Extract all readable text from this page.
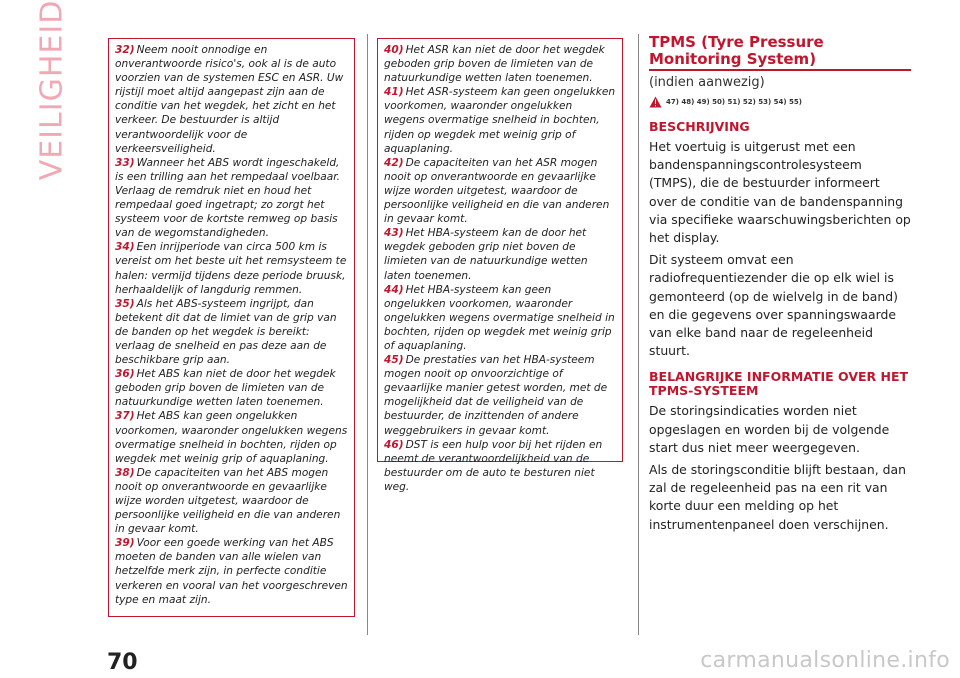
VEILIGHEID	32) Neem nooit onnodige en onverantwoorde risico's, ook al is de auto voorzien van de systemen ESC en ASR. Uw rijstijl moet altijd aangepast zijn aan de conditie van het wegdek, het zicht en het verkeer. De bestuurder is altijd verantwoordelijk voor de verkeersveiligheid.

33) Wanneer het ABS wordt ingeschakeld, is een trilling aan het rempedaal voelbaar. Verlaag de remdruk niet en houd het rempedaal goed ingetrapt; zo zorgt het systeem voor de kortste remweg op basis van de wegomstandigheden.

34) Een inrijperiode van circa 500 km is vereist om het beste uit het remsysteem te halen: vermijd tijdens deze periode bruusk, herhaaldelijk of langdurig remmen.

35) Als het ABS-systeem ingrijpt, dan betekent dit dat de limiet van de grip van de banden op het wegdek is bereikt: verlaag de snelheid en pas deze aan de beschikbare grip aan.

36) Het ABS kan niet de door het wegdek geboden grip boven de limieten van de natuurkundige wetten laten toenemen.

37) Het ABS kan geen ongelukken voorkomen, waaronder ongelukken wegens overmatige snelheid in bochten, rijden op wegdek met weinig grip of aquaplaning.

38) De capaciteiten van het ABS mogen nooit op onverantwoorde en gevaarlijke wijze worden uitgetest, waardoor de persoonlijke veiligheid en die van anderen in gevaar komt.

39) Voor een goede werking van het ABS moeten de banden van alle wielen van hetzelfde merk zijn, in perfecte conditie verkeren en vooral van het voorgeschreven type en maat zijn.

40) Het ASR kan niet de door het wegdek geboden grip boven de limieten van de natuurkundige wetten laten toenemen.

41) Het ASR-systeem kan geen ongelukken voorkomen, waaronder ongelukken wegens overmatige snelheid in bochten, rijden op wegdek met weinig grip of aquaplaning.

42) De capaciteiten van het ASR mogen nooit op onverantwoorde en gevaarlijke wijze worden uitgetest, waardoor de persoonlijke veiligheid en die van anderen in gevaar komt.

43) Het HBA-systeem kan de door het wegdek geboden grip niet boven de limieten van de natuurkundige wetten laten toenemen.

44) Het HBA-systeem kan geen ongelukken voorkomen, waaronder ongelukken wegens overmatige snelheid in bochten, rijden op wegdek met weinig grip of aquaplaning.

45) De prestaties van het HBA-systeem mogen nooit op onvoorzichtige of gevaarlijke manier getest worden, met de mogelijkheid dat de veiligheid van de bestuurder, de inzittenden of andere weggebruikers in gevaar komt.

46) DST is een hulp voor bij het rijden en neemt de verantwoordelijkheid van de bestuurder om de auto te besturen niet weg.

TPMS (Tyre Pressure
Monitoring System)

(indien aanwezig)
47) 48) 49) 50) 51) 52) 53) 54) 55)
BESCHRIJVING

Het voertuig is uitgerust met een bandenspanningscontrolesysteem (TMPS), die de bestuurder informeert over de conditie van de bandenspanning via specifieke waarschuwingsberichten op het display.

Dit systeem omvat een radiofrequentiezender die op elk wiel is gemonteerd (op de wielvelg in de band) en die gegevens over spanningswaarde van elke band naar de regeleenheid stuurt.

BELANGRIJKE INFORMATIE OVER HET
TPMS-SYSTEEM

De storingsindicaties worden niet opgeslagen en worden bij de volgende start dus niet meer weergegeven.

Als de storingsconditie blijft bestaan, dan zal de regeleenheid pas na een rit van korte duur een melding op het instrumentenpaneel doen verschijnen.

70	carmanualsonline.info
